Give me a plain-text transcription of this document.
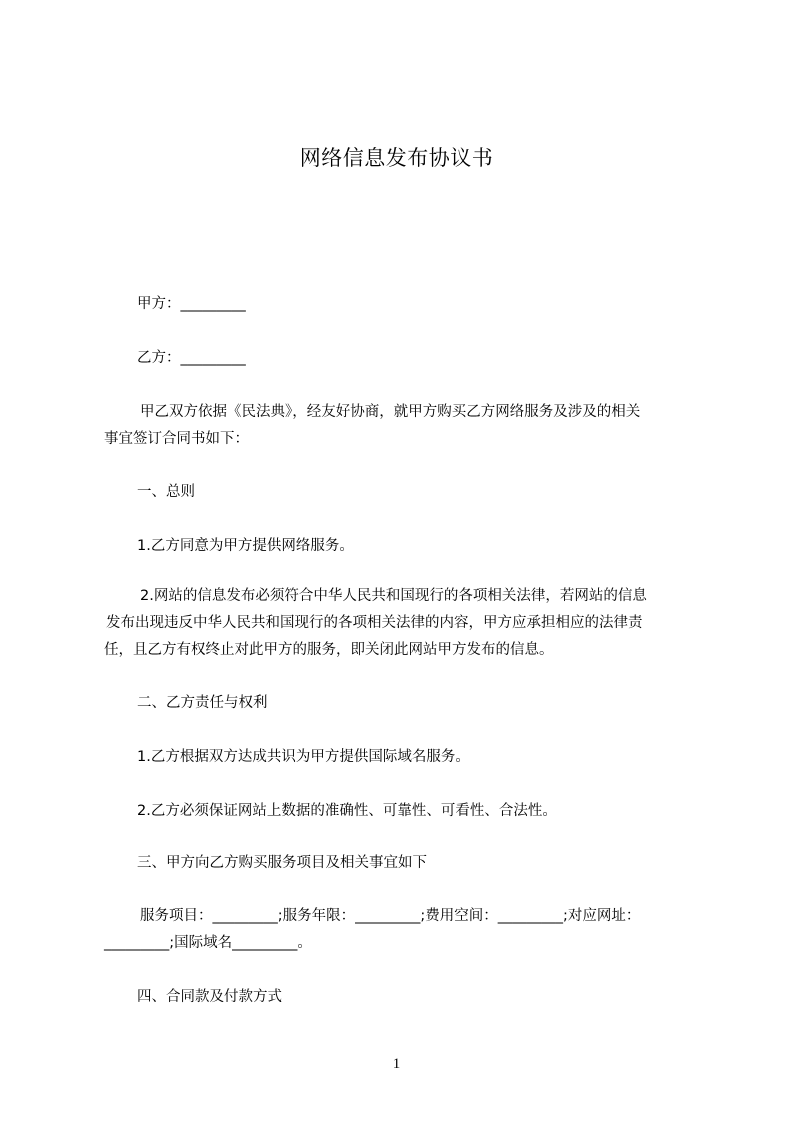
网络信息发布协议书
甲方：_________
乙方：_________
甲乙双方依据《民法典》，经友好协商，就甲方购买乙方网络服务及涉及的相关
事宜签订合同书如下：
一、总则
1.乙方同意为甲方提供网络服务。
2.网站的信息发布必须符合中华人民共和国现行的各项相关法律，若网站的信息
发布出现违反中华人民共和国现行的各项相关法律的内容，甲方应承担相应的法律责
任，且乙方有权终止对此甲方的服务，即关闭此网站甲方发布的信息。
二、乙方责任与权利
1.乙方根据双方达成共识为甲方提供国际域名服务。
2.乙方必须保证网站上数据的准确性、可靠性、可看性、合法性。
三、甲方向乙方购买服务项目及相关事宜如下
服务项目：_________;服务年限：_________;费用空间：_________;对应网址：
_________;国际域名_________。
四、合同款及付款方式
1
